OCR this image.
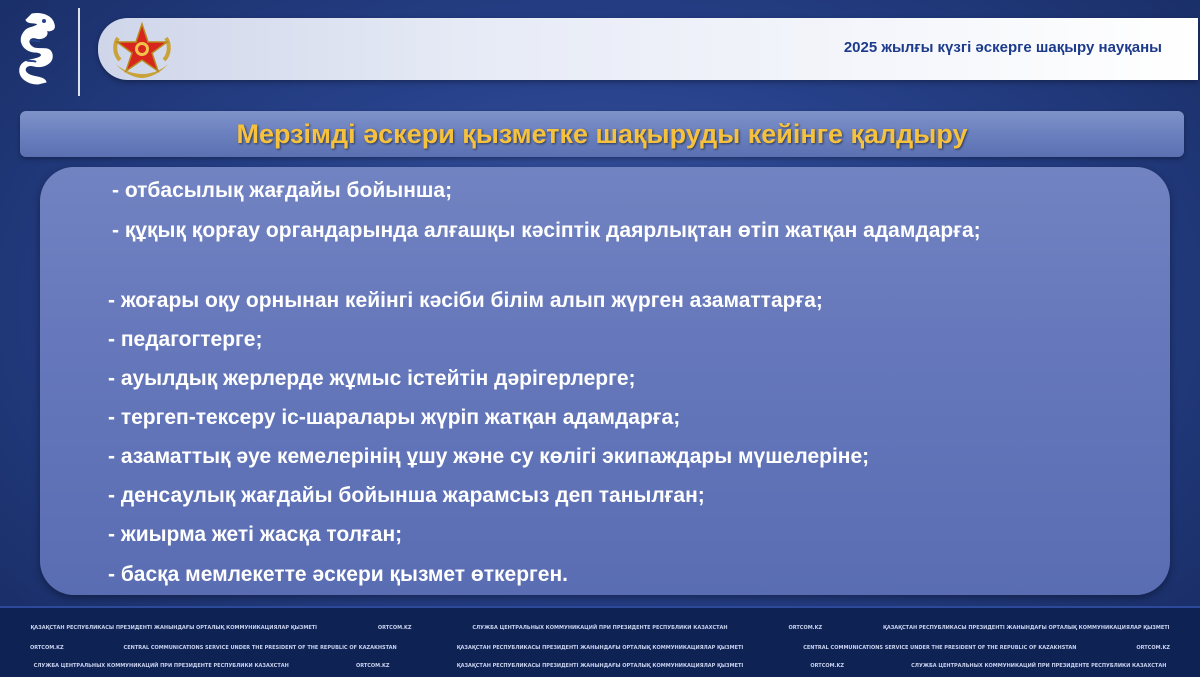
2025 жылғы күзгі әскерге шақыру науқаны
Мерзімді әскери қызметке шақыруды кейінге қалдыру
- отбасылық жағдайы бойынша;
- құқық қорғау органдарында алғашқы кәсіптік даярлықтан өтіп жатқан адамдарға;
- жоғары оқу орнынан кейінгі кәсіби білім алып жүрген азаматтарға;
- педагогтерге;
- ауылдық жерлерде жұмыс істейтін дәрігерлерге;
- тергеп-тексеру іс-шаралары жүріп жатқан адамдарға;
- азаматтық әуе кемелерінің ұшу және су көлігі экипаждары мүшелеріне;
- денсаулық жағдайы бойынша жарамсыз деп танылған;
- жиырма жеті жасқа толған;
- басқа мемлекетте әскери қызмет өткерген.
ҚАЗАҚСТАН РЕСПУБЛИКАСЫ ПРЕЗИДЕНТІ ЖАНЫНДАҒЫ ОРТАЛЫҚ КОММУНИКАЦИЯЛАР ҚЫЗМЕТІ	ORTCOM.KZ	СЛУЖБА ЦЕНТРАЛЬНЫХ КОММУНИКАЦИЙ ПРИ ПРЕЗИДЕНТЕ РЕСПУБЛИКИ КАЗАХСТАН	ORTCOM.KZ	ҚАЗАҚСТАН РЕСПУБЛИКАСЫ ПРЕЗИДЕНТІ ЖАНЫНДАҒЫ ОРТАЛЫҚ КОММУНИКАЦИЯЛАР ҚЫЗМЕТІ
ORTCOM.KZ	CENTRAL COMMUNICATIONS SERVICE UNDER THE PRESIDENT OF THE REPUBLIC OF KAZAKHSTAN	ҚАЗАҚСТАН РЕСПУБЛИКАСЫ ПРЕЗИДЕНТІ ЖАНЫНДАҒЫ ОРТАЛЫҚ КОММУНИКАЦИЯЛАР ҚЫЗМЕТІ	CENTRAL COMMUNICATIONS SERVICE UNDER THE PRESIDENT OF THE REPUBLIC OF KAZAKHSTAN	ORTCOM.KZ
СЛУЖБА ЦЕНТРАЛЬНЫХ КОММУНИКАЦИЙ ПРИ ПРЕЗИДЕНТЕ РЕСПУБЛИКИ КАЗАХСТАН	ORTCOM.KZ	ҚАЗАҚСТАН РЕСПУБЛИКАСЫ ПРЕЗИДЕНТІ ЖАНЫНДАҒЫ ОРТАЛЫҚ КОММУНИКАЦИЯЛАР ҚЫЗМЕТІ	ORTCOM.KZ	СЛУЖБА ЦЕНТРАЛЬНЫХ КОММУНИКАЦИЙ ПРИ ПРЕЗИДЕНТЕ РЕСПУБЛИКИ КАЗАХСТАН
